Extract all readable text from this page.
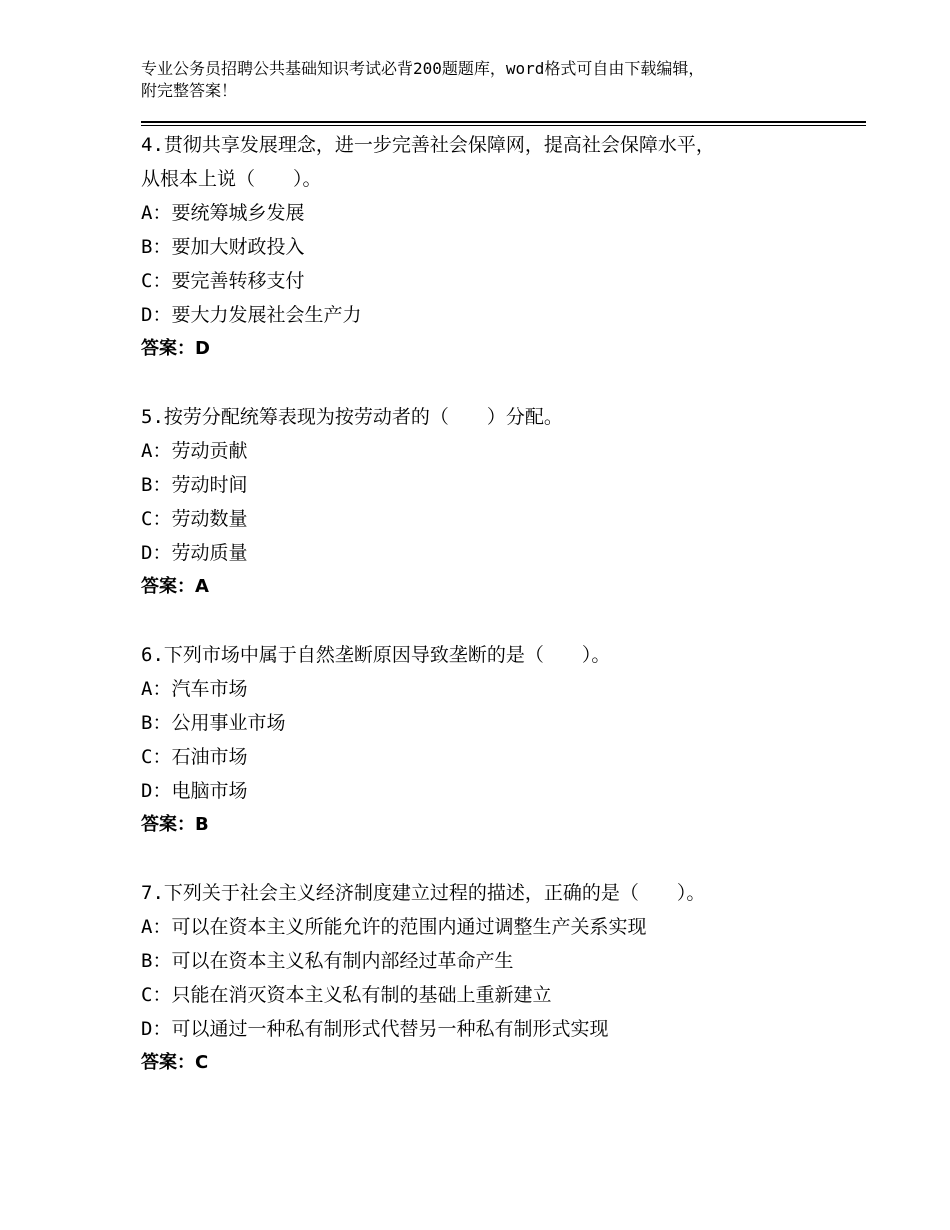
专业公务员招聘公共基础知识考试必背200题题库，word格式可自由下载编辑，
附完整答案！
4.贯彻共享发展理念，进一步完善社会保障网，提高社会保障水平，
从根本上说（　　）。
A：要统筹城乡发展
B：要加大财政投入
C：要完善转移支付
D：要大力发展社会生产力
答案：D
5.按劳分配统筹表现为按劳动者的（　　）分配。
A：劳动贡献
B：劳动时间
C：劳动数量
D：劳动质量
答案：A
6.下列市场中属于自然垄断原因导致垄断的是（　　）。
A：汽车市场
B：公用事业市场
C：石油市场
D：电脑市场
答案：B
7.下列关于社会主义经济制度建立过程的描述，正确的是（　　）。
A：可以在资本主义所能允许的范围内通过调整生产关系实现
B：可以在资本主义私有制内部经过革命产生
C：只能在消灭资本主义私有制的基础上重新建立
D：可以通过一种私有制形式代替另一种私有制形式实现
答案：C
